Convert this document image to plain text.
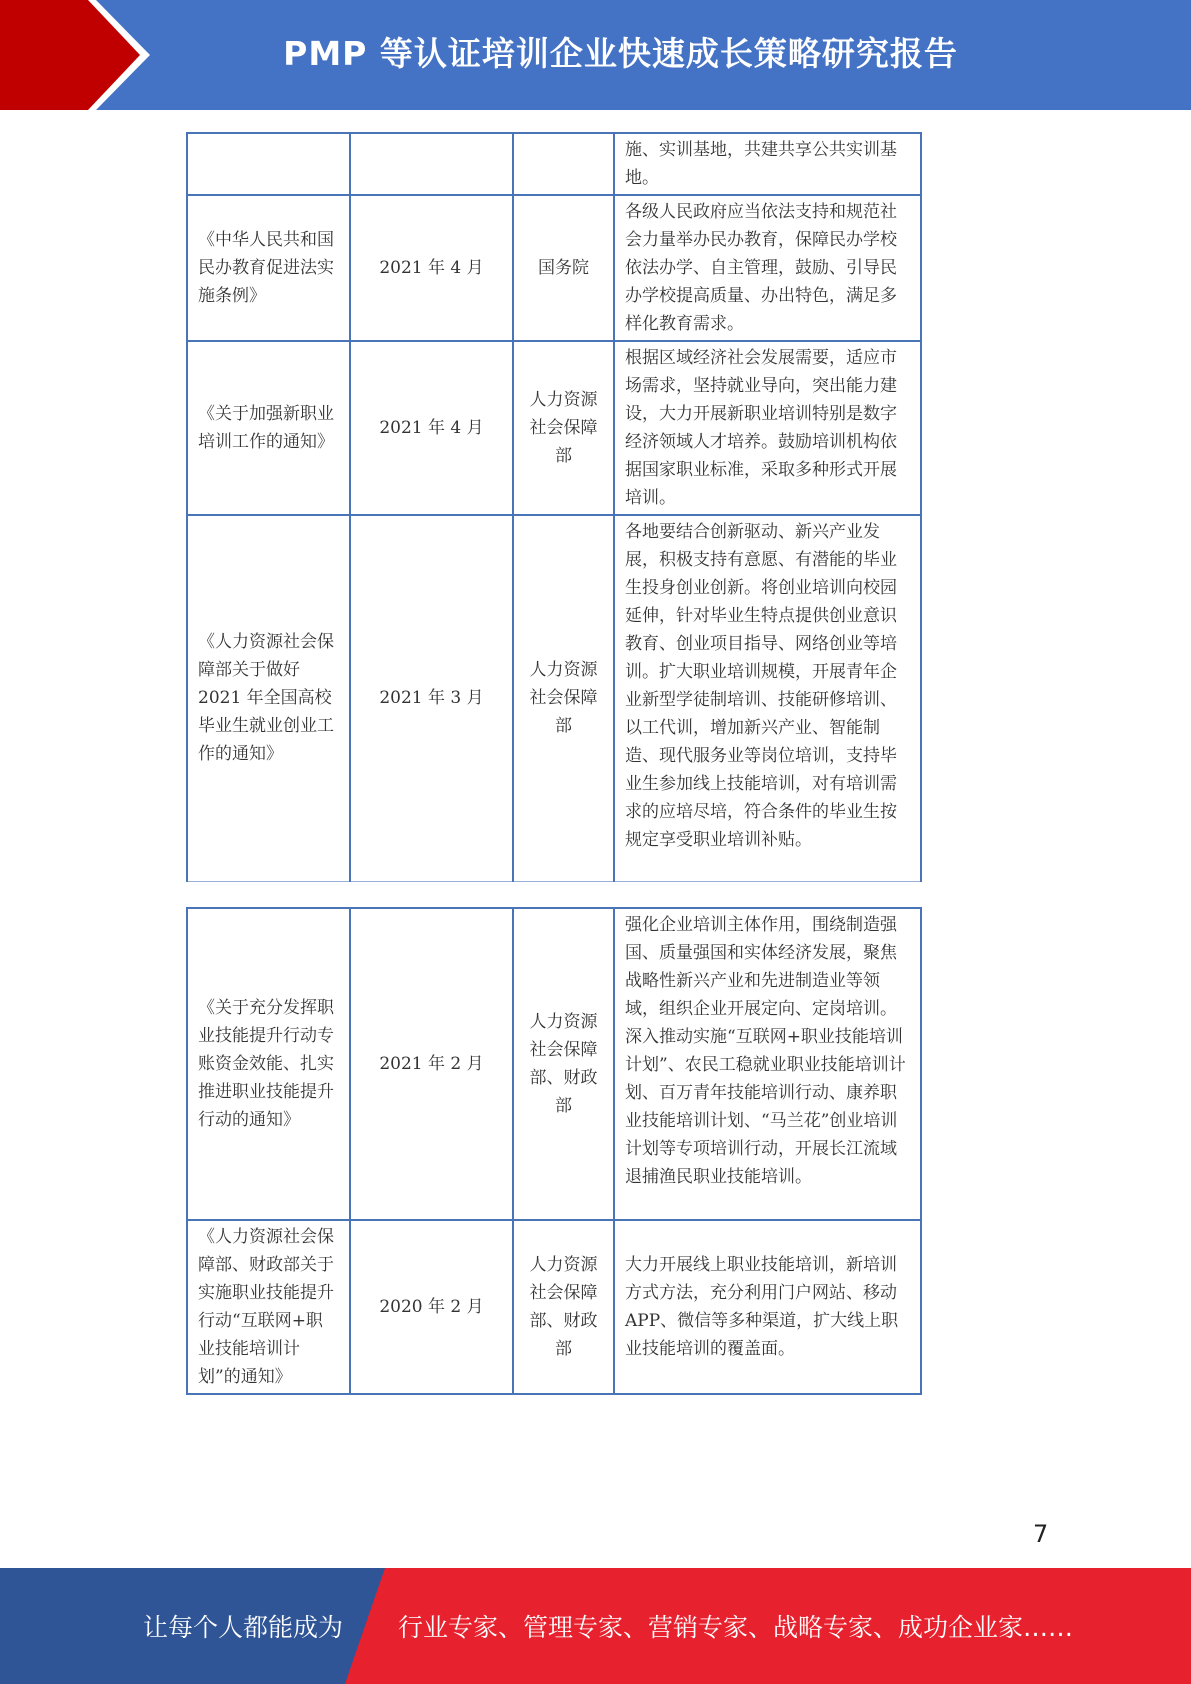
PMP 等认证培训企业快速成长策略研究报告
			施、实训基地，共建共享公共实训基地。
《中华人民共和国民办教育促进法实施条例》	2021 年 4 月	国务院	各级人民政府应当依法支持和规范社会力量举办民办教育，保障民办学校依法办学、自主管理，鼓励、引导民办学校提高质量、办出特色，满足多样化教育需求。
《关于加强新职业培训工作的通知》	2021 年 4 月	人力资源社会保障部	根据区域经济社会发展需要，适应市场需求，坚持就业导向，突出能力建设，大力开展新职业培训特别是数字经济领域人才培养。鼓励培训机构依据国家职业标准，采取多种形式开展培训。
《人力资源社会保障部关于做好 2021 年全国高校毕业生就业创业工作的通知》	2021 年 3 月	人力资源社会保障部	各地要结合创新驱动、新兴产业发展，积极支持有意愿、有潜能的毕业生投身创业创新。将创业培训向校园延伸，针对毕业生特点提供创业意识教育、创业项目指导、网络创业等培训。扩大职业培训规模，开展青年企业新型学徒制培训、技能研修培训、以工代训，增加新兴产业、智能制造、现代服务业等岗位培训，支持毕业生参加线上技能培训，对有培训需求的应培尽培，符合条件的毕业生按规定享受职业培训补贴。
《关于充分发挥职业技能提升行动专账资金效能、扎实推进职业技能提升行动的通知》	2021 年 2 月	人力资源社会保障部、财政部	强化企业培训主体作用，围绕制造强国、质量强国和实体经济发展，聚焦战略性新兴产业和先进制造业等领域，组织企业开展定向、定岗培训。深入推动实施“互联网+职业技能培训计划”、农民工稳就业职业技能培训计划、百万青年技能培训行动、康养职业技能培训计划、“马兰花”创业培训计划等专项培训行动，开展长江流域退捕渔民职业技能培训。
《人力资源社会保障部、财政部关于实施职业技能提升行动“互联网+职业技能培训计划”的通知》	2020 年 2 月	人力资源社会保障部、财政部	大力开展线上职业技能培训，新培训方式方法，充分利用门户网站、移动 APP、微信等多种渠道，扩大线上职业技能培训的覆盖面。
7
让每个人都能成为 行业专家、管理专家、营销专家、战略专家、成功企业家……
